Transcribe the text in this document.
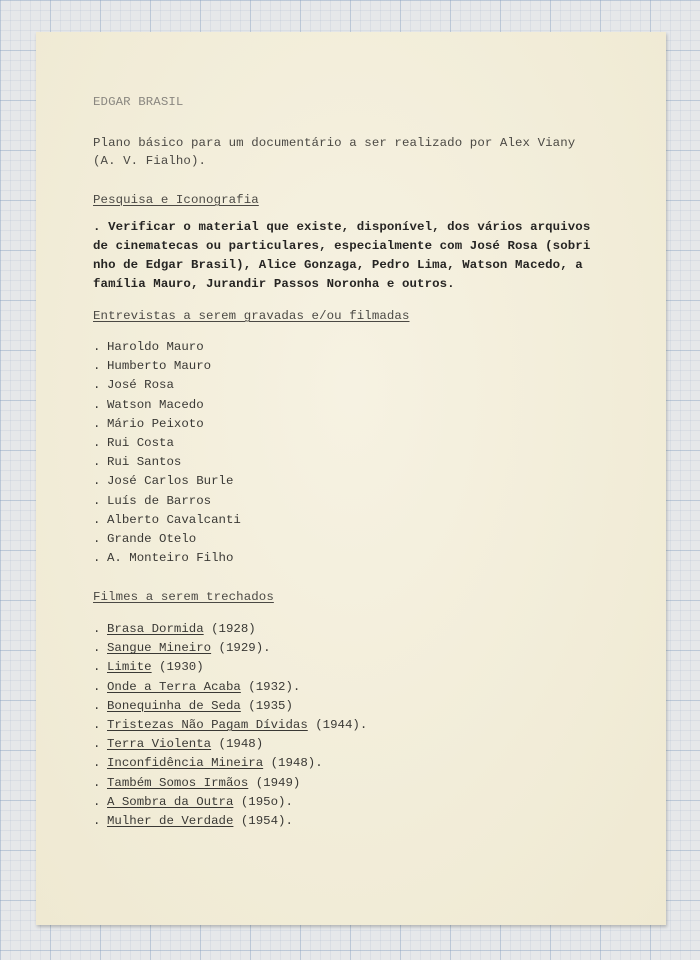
EDGAR BRASIL
Plano básico para um documentário a ser realizado por Alex Viany
(A. V. Fialho).
Pesquisa e Iconografia
. Verificar o material que existe, disponível, dos vários arquivos
de cinematecas ou particulares, especialmente com José Rosa (sobri
nho de Edgar Brasil), Alice Gonzaga, Pedro Lima, Watson Macedo, a
família Mauro, Jurandir Passos Noronha e outros.
Entrevistas a serem gravadas e/ou filmadas
. Haroldo Mauro
. Humberto Mauro
. José Rosa
. Watson Macedo
. Mário Peixoto
. Rui Costa
. Rui Santos
. José Carlos Burle
. Luís de Barros
. Alberto Cavalcanti
. Grande Otelo
. A. Monteiro Filho
Filmes a serem trechados
. Brasa Dormida (1928)
. Sangue Mineiro (1929).
. Limite (1930)
. Onde a Terra Acaba (1932).
. Bonequinha de Seda (1935)
. Tristezas Não Pagam Dívidas (1944).
. Terra Violenta (1948)
. Inconfidência Mineira (1948).
. Também Somos Irmãos (1949)
. A Sombra da Outra (195o).
. Mulher de Verdade (1954).
